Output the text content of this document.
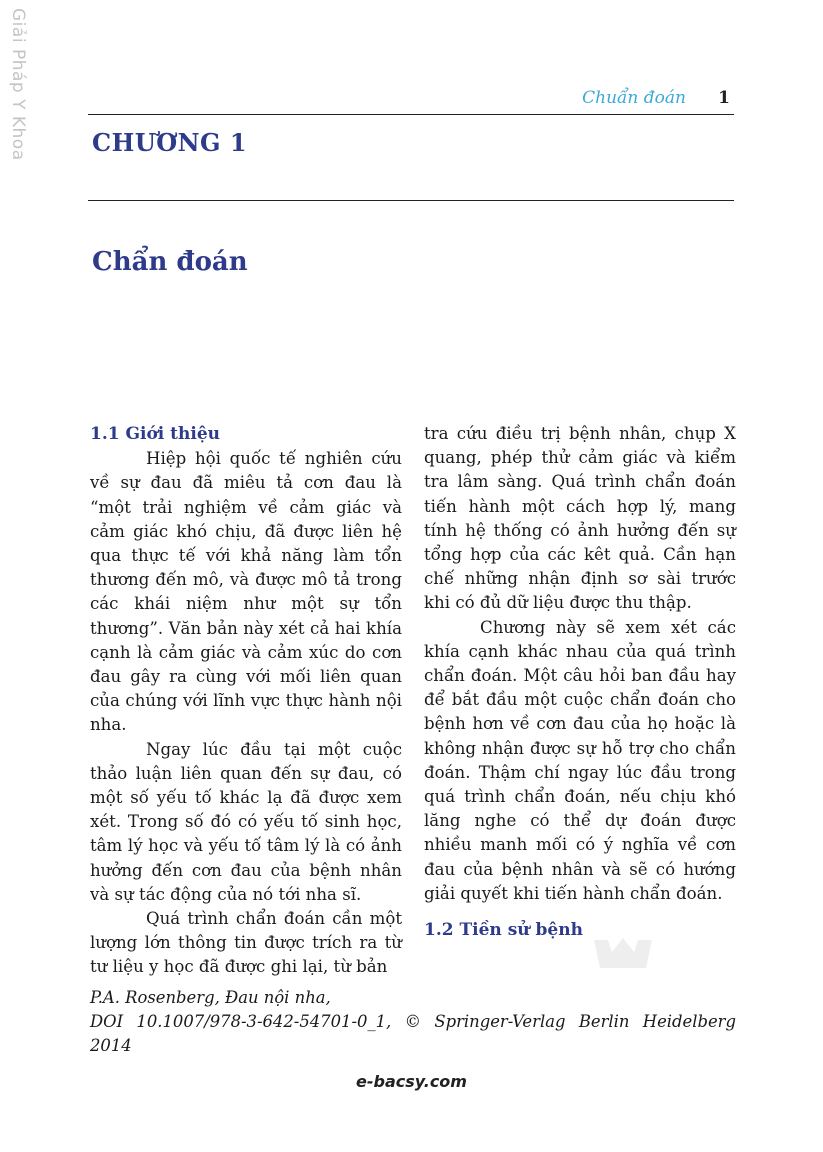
Giải Pháp Y Khoa	Chuẩn đoán 1
CHƯƠNG 1
Chẩn đoán
1.1 Giới thiệu

Hiệp hội quốc tế nghiên cứu về sự đau đã miêu tả cơn đau là “một trải nghiệm về cảm giác và cảm giác khó chịu, đã được liên hệ qua thực tế với khả năng làm tổn thương đến mô, và được mô tả trong các khái niệm như một sự tổn thương”. Văn bản này xét cả hai khía cạnh là cảm giác và cảm xúc do cơn đau gây ra cùng với mối liên quan của chúng với lĩnh vực thực hành nội nha.

Ngay lúc đầu tại một cuộc thảo luận liên quan đến sự đau, có một số yếu tố khác lạ đã được xem xét. Trong số đó có yếu tố sinh học, tâm lý học và yếu tố tâm lý là có ảnh hưởng đến cơn đau của bệnh nhân và sự tác động của nó tới nha sĩ.

Quá trình chẩn đoán cần một lượng lớn thông tin được trích ra từ tư liệu y học đã được ghi lại, từ bản

tra cứu điều trị bệnh nhân, chụp X quang, phép thử cảm giác và kiểm tra lâm sàng. Quá trình chẩn đoán tiến hành một cách hợp lý, mang tính hệ thống có ảnh hưởng đến sự tổng hợp của các kêt quả. Cần hạn chế những nhận định sơ sài trước khi có đủ dữ liệu được thu thập.

Chương này sẽ xem xét các khía cạnh khác nhau của quá trình chẩn đoán. Một câu hỏi ban đầu hay để bắt đầu một cuộc chẩn đoán cho bệnh hơn về cơn đau của họ hoặc là không nhận được sự hỗ trợ cho chẩn đoán. Thậm chí ngay lúc đầu trong quá trình chẩn đoán, nếu chịu khó lăng nghe có thể dự đoán được nhiều manh mối có ý nghĩa về cơn đau của bệnh nhân và sẽ có hướng giải quyết khi tiến hành chẩn đoán.

1.2 Tiền sử bệnh
P.A. Rosenberg, Đau nội nha,
DOI 10.1007/978-3-642-54701-0_1, © Springer-Verlag Berlin Heidelberg
2014
e-bacsy.com
